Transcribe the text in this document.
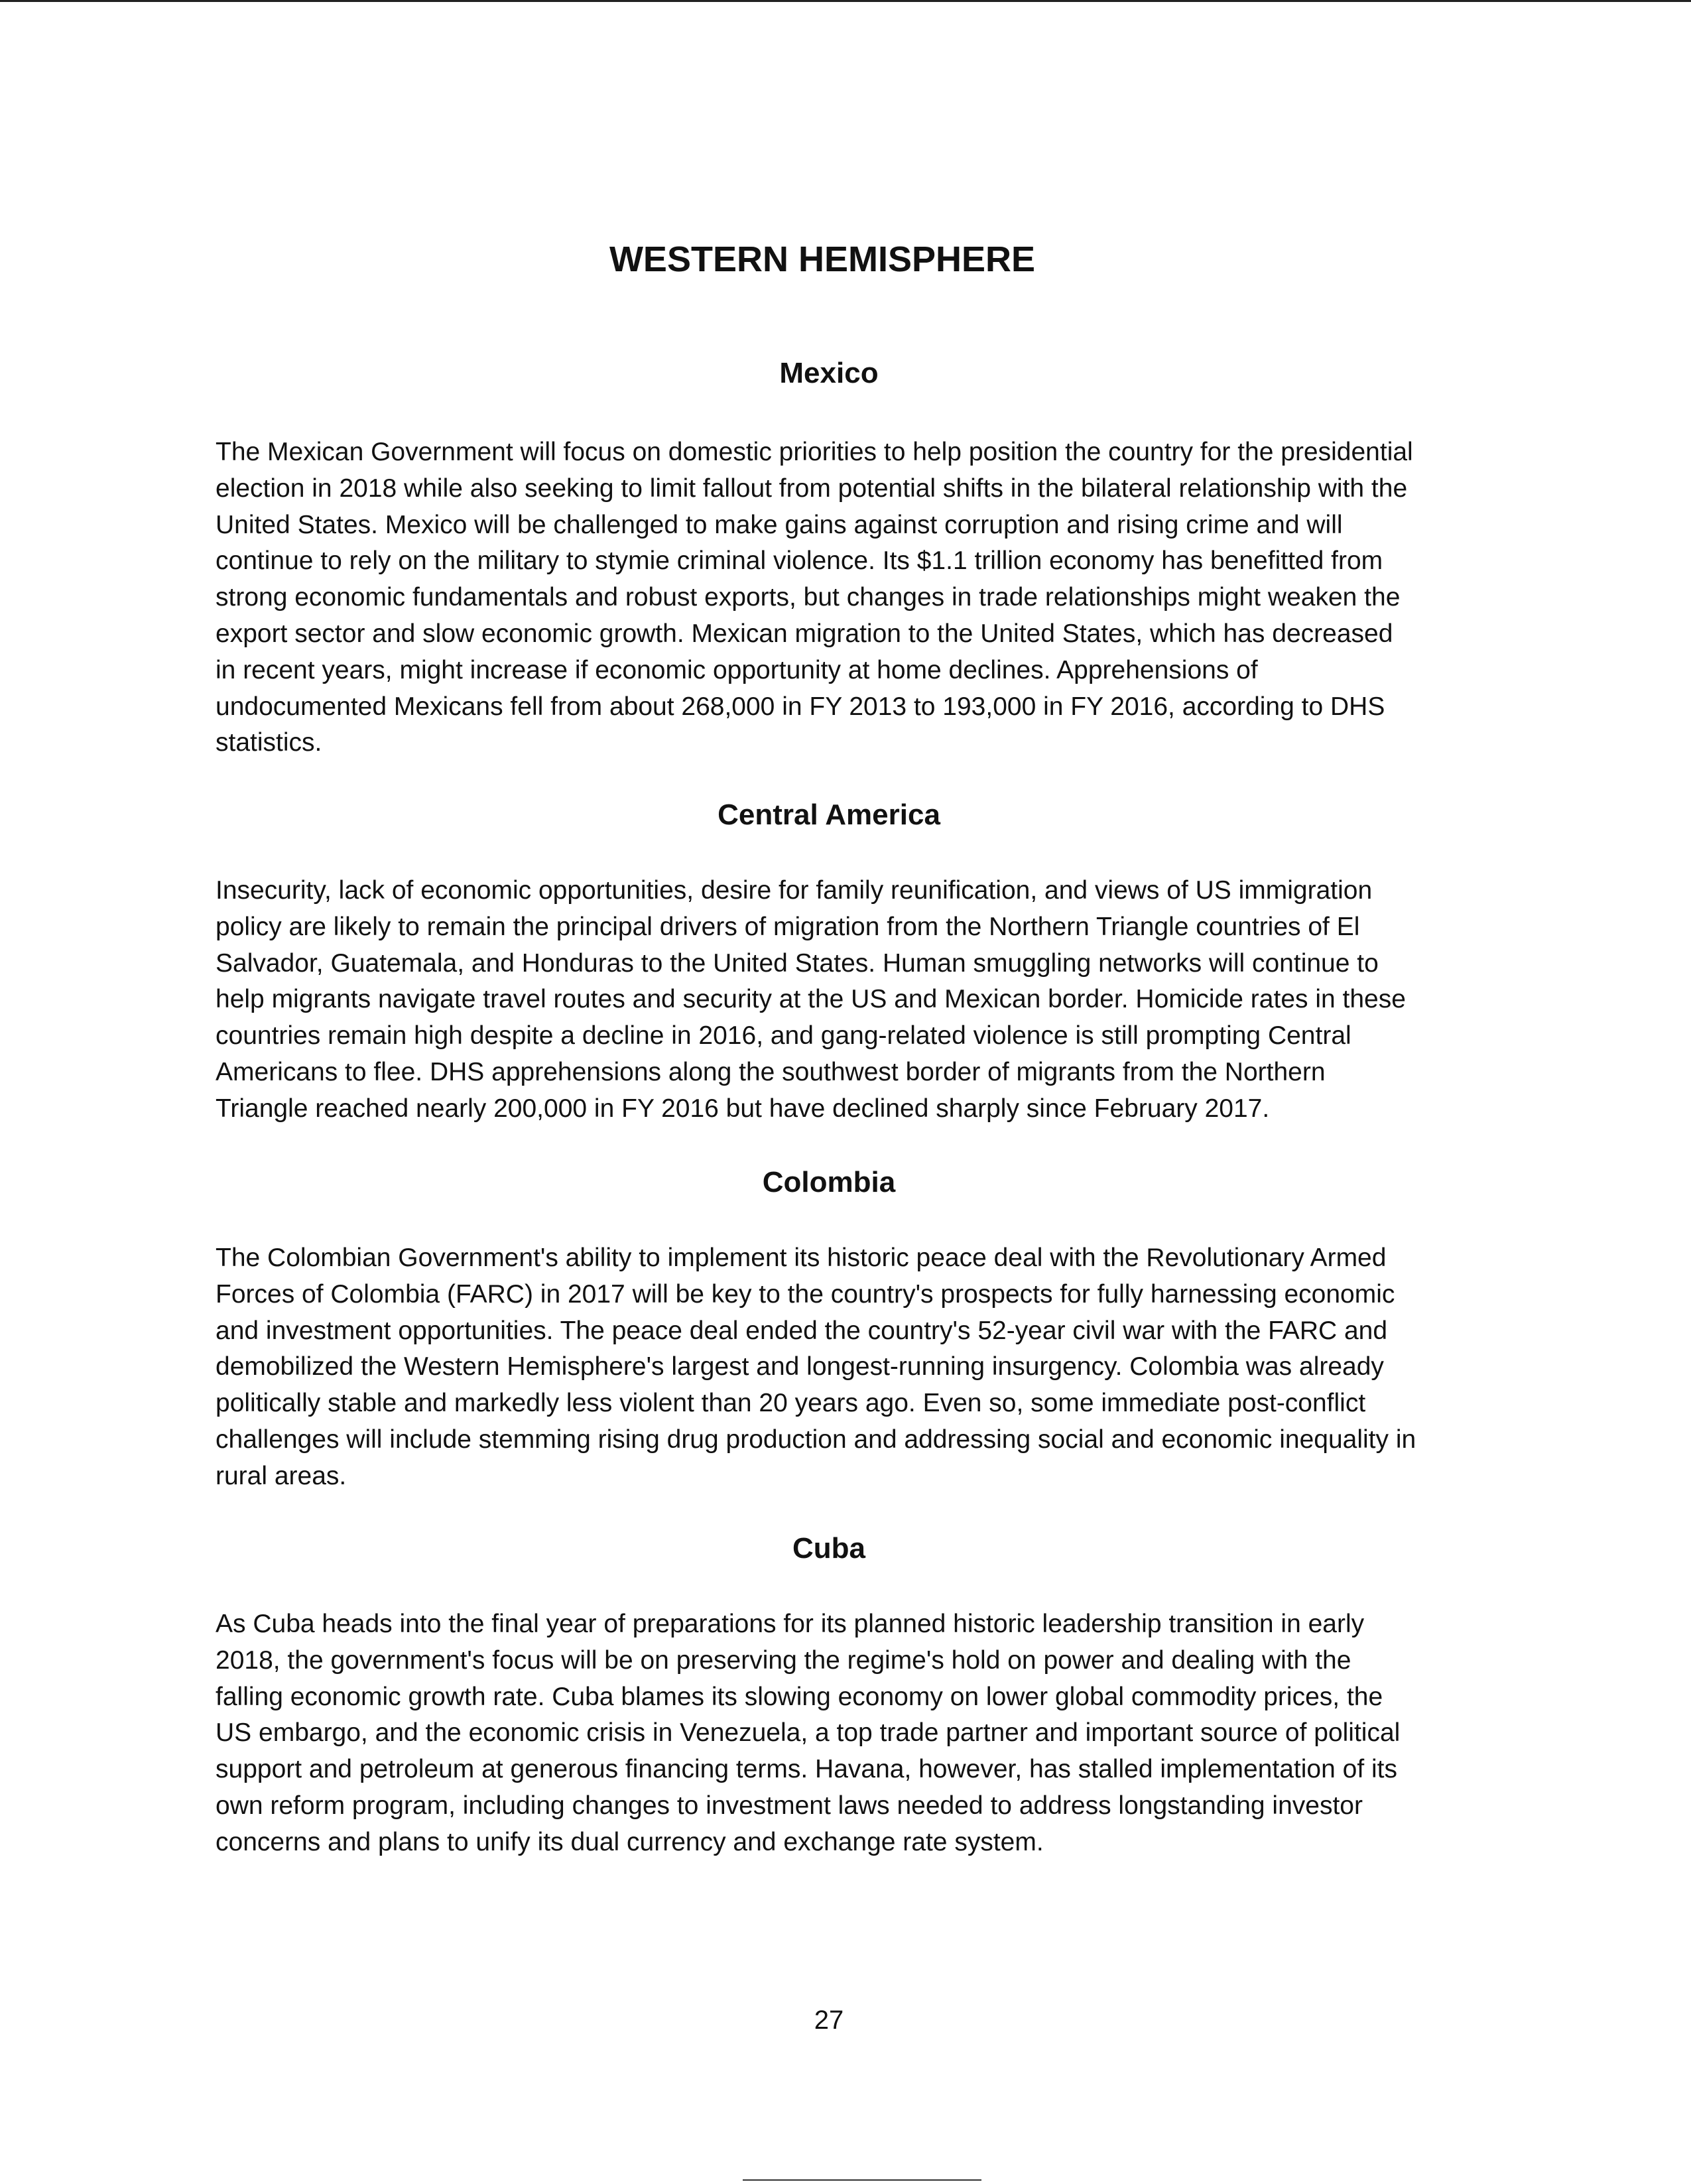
WESTERN HEMISPHERE
Mexico
The Mexican Government will focus on domestic priorities to help position the country for the presidential
election in 2018 while also seeking to limit fallout from potential shifts in the bilateral relationship with the
United States. Mexico will be challenged to make gains against corruption and rising crime and will
continue to rely on the military to stymie criminal violence. Its $1.1 trillion economy has benefitted from
strong economic fundamentals and robust exports, but changes in trade relationships might weaken the
export sector and slow economic growth. Mexican migration to the United States, which has decreased
in recent years, might increase if economic opportunity at home declines. Apprehensions of
undocumented Mexicans fell from about 268,000 in FY 2013 to 193,000 in FY 2016, according to DHS
statistics.
Central America
Insecurity, lack of economic opportunities, desire for family reunification, and views of US immigration
policy are likely to remain the principal drivers of migration from the Northern Triangle countries of El
Salvador, Guatemala, and Honduras to the United States. Human smuggling networks will continue to
help migrants navigate travel routes and security at the US and Mexican border. Homicide rates in these
countries remain high despite a decline in 2016, and gang-related violence is still prompting Central
Americans to flee. DHS apprehensions along the southwest border of migrants from the Northern
Triangle reached nearly 200,000 in FY 2016 but have declined sharply since February 2017.
Colombia
The Colombian Government's ability to implement its historic peace deal with the Revolutionary Armed
Forces of Colombia (FARC) in 2017 will be key to the country's prospects for fully harnessing economic
and investment opportunities. The peace deal ended the country's 52-year civil war with the FARC and
demobilized the Western Hemisphere's largest and longest-running insurgency. Colombia was already
politically stable and markedly less violent than 20 years ago. Even so, some immediate post-conflict
challenges will include stemming rising drug production and addressing social and economic inequality in
rural areas.
Cuba
As Cuba heads into the final year of preparations for its planned historic leadership transition in early
2018, the government's focus will be on preserving the regime's hold on power and dealing with the
falling economic growth rate. Cuba blames its slowing economy on lower global commodity prices, the
US embargo, and the economic crisis in Venezuela, a top trade partner and important source of political
support and petroleum at generous financing terms. Havana, however, has stalled implementation of its
own reform program, including changes to investment laws needed to address longstanding investor
concerns and plans to unify its dual currency and exchange rate system.
27
